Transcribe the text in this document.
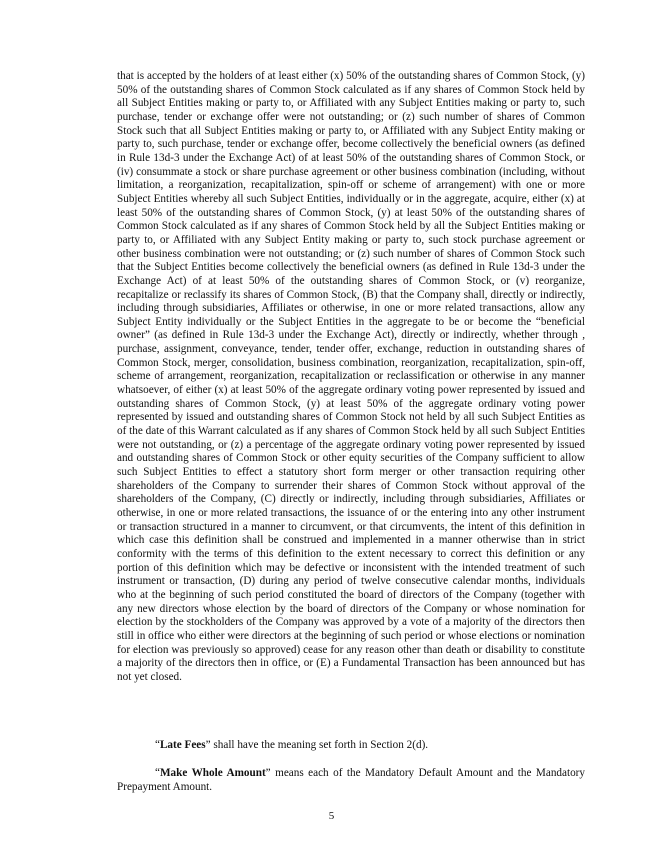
that is accepted by the holders of at least either (x) 50% of the outstanding shares of Common Stock, (y) 50% of the outstanding shares of Common Stock calculated as if any shares of Common Stock held by all Subject Entities making or party to, or Affiliated with any Subject Entities making or party to, such purchase, tender or exchange offer were not outstanding; or (z) such number of shares of Common Stock such that all Subject Entities making or party to, or Affiliated with any Subject Entity making or party to, such purchase, tender or exchange offer, become collectively the beneficial owners (as defined in Rule 13d-3 under the Exchange Act) of at least 50% of the outstanding shares of Common Stock, or (iv) consummate a stock or share purchase agreement or other business combination (including, without limitation, a reorganization, recapitalization, spin-off or scheme of arrangement) with one or more Subject Entities whereby all such Subject Entities, individually or in the aggregate, acquire, either (x) at least 50% of the outstanding shares of Common Stock, (y) at least 50% of the outstanding shares of Common Stock calculated as if any shares of Common Stock held by all the Subject Entities making or party to, or Affiliated with any Subject Entity making or party to, such stock purchase agreement or other business combination were not outstanding; or (z) such number of shares of Common Stock such that the Subject Entities become collectively the beneficial owners (as defined in Rule 13d-3 under the Exchange Act) of at least 50% of the outstanding shares of Common Stock, or (v) reorganize, recapitalize or reclassify its shares of Common Stock, (B) that the Company shall, directly or indirectly, including through subsidiaries, Affiliates or otherwise, in one or more related transactions, allow any Subject Entity individually or the Subject Entities in the aggregate to be or become the “beneficial owner” (as defined in Rule 13d-3 under the Exchange Act), directly or indirectly, whether through , purchase, assignment, conveyance, tender, tender offer, exchange, reduction in outstanding shares of Common Stock, merger, consolidation, business combination, reorganization, recapitalization, spin-off, scheme of arrangement, reorganization, recapitalization or reclassification or otherwise in any manner whatsoever, of either (x) at least 50% of the aggregate ordinary voting power represented by issued and outstanding shares of Common Stock, (y) at least 50% of the aggregate ordinary voting power represented by issued and outstanding shares of Common Stock not held by all such Subject Entities as of the date of this Warrant calculated as if any shares of Common Stock held by all such Subject Entities were not outstanding, or (z) a percentage of the aggregate ordinary voting power represented by issued and outstanding shares of Common Stock or other equity securities of the Company sufficient to allow such Subject Entities to effect a statutory short form merger or other transaction requiring other shareholders of the Company to surrender their shares of Common Stock without approval of the shareholders of the Company, (C) directly or indirectly, including through subsidiaries, Affiliates or otherwise, in one or more related transactions, the issuance of or the entering into any other instrument or transaction structured in a manner to circumvent, or that circumvents, the intent of this definition in which case this definition shall be construed and implemented in a manner otherwise than in strict conformity with the terms of this definition to the extent necessary to correct this definition or any portion of this definition which may be defective or inconsistent with the intended treatment of such instrument or transaction, (D) during any period of twelve consecutive calendar months, individuals who at the beginning of such period constituted the board of directors of the Company (together with any new directors whose election by the board of directors of the Company or whose nomination for election by the stockholders of the Company was approved by a vote of a majority of the directors then still in office who either were directors at the beginning of such period or whose elections or nomination for election was previously so approved) cease for any reason other than death or disability to constitute a majority of the directors then in office, or (E) a Fundamental Transaction has been announced but has not yet closed.

“Late Fees” shall have the meaning set forth in Section 2(d).

“Make Whole Amount” means each of the Mandatory Default Amount and the Mandatory Prepayment Amount.

5
